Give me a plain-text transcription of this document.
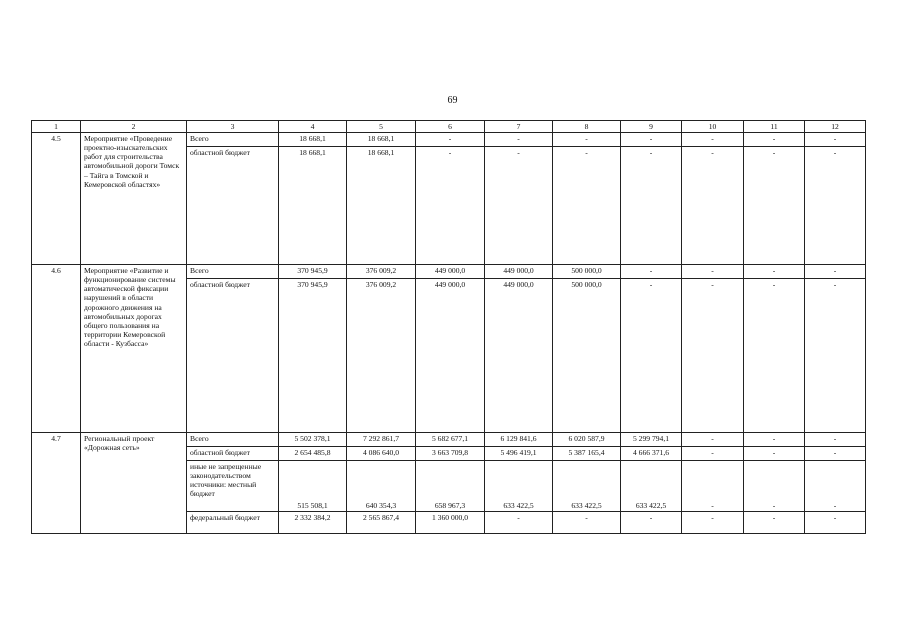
69
1	2	3	4	5	6	7	8	9	10	11	12
4.5	Мероприятие «Проведение проектно-изыскательских работ для строительства автомобильной дороги Томск – Тайга в Томской и Кемеровской областях»	Всего	18 668,1	18 668,1	-	-	-	-	-	-	-
		областной бюджет	18 668,1	18 668,1	-	-	-	-	-	-	-
4.6	Мероприятие «Развитие и функционирование системы автоматической фиксации нарушений в области дорожного движения на автомобильных дорогах общего пользования на территории Кемеровской области - Кузбасса»	Всего	370 945,9	376 009,2	449 000,0	449 000,0	500 000,0	-	-	-	-
		областной бюджет	370 945,9	376 009,2	449 000,0	449 000,0	500 000,0	-	-	-	-
4.7	Региональный проект «Дорожная сеть»	Всего	5 502 378,1	7 292 861,7	5 682 677,1	6 129 841,6	6 020 587,9	5 299 794,1	-	-	-
		областной бюджет	2 654 485,8	4 086 640,0	3 663 709,8	5 496 419,1	5 387 165,4	4 666 371,6	-	-	-
		иные не запрещенные законодательством источники: местный бюджет	515 508,1	640 354,3	658 967,3	633 422,5	633 422,5	633 422,5	-	-	-
		федеральный бюджет	2 332 384,2	2 565 867,4	1 360 000,0	-	-	-	-	-	-
